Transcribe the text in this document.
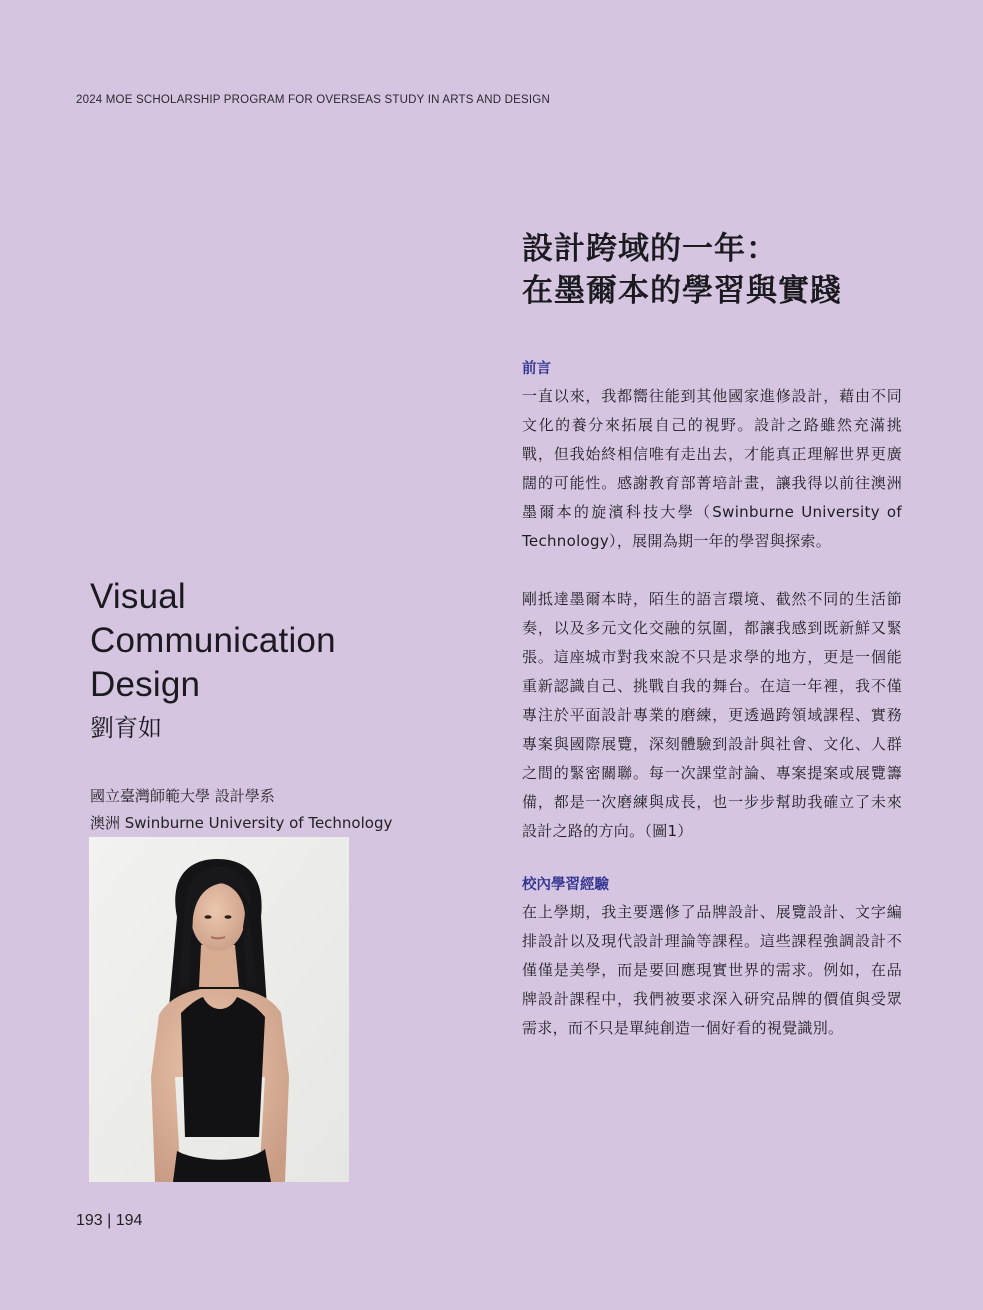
2024 MOE SCHOLARSHIP PROGRAM FOR OVERSEAS STUDY IN ARTS AND DESIGN
Visual
Communication
Design
劉育如
國立臺灣師範大學 設計學系
澳洲 Swinburne University of Technology
193 | 194
設計跨域的一年：
在墨爾本的學習與實踐
前言
一直以來，我都嚮往能到其他國家進修設計，藉由不同文化的養分來拓展自己的視野。設計之路雖然充滿挑戰，但我始終相信唯有走出去，才能真正理解世界更廣闊的可能性。感謝教育部菁培計畫，讓我得以前往澳洲墨爾本的旋濱科技大學（Swinburne University of Technology），展開為期一年的學習與探索。
剛抵達墨爾本時，陌生的語言環境、截然不同的生活節奏，以及多元文化交融的氛圍，都讓我感到既新鮮又緊張。這座城市對我來說不只是求學的地方，更是一個能重新認識自己、挑戰自我的舞台。在這一年裡，我不僅專注於平面設計專業的磨練，更透過跨領域課程、實務專案與國際展覽，深刻體驗到設計與社會、文化、人群之間的緊密關聯。每一次課堂討論、專案提案或展覽籌備，都是一次磨練與成長，也一步步幫助我確立了未來設計之路的方向。（圖1）
校內學習經驗
在上學期，我主要選修了品牌設計、展覽設計、文字編排設計以及現代設計理論等課程。這些課程強調設計不僅僅是美學，而是要回應現實世界的需求。例如，在品牌設計課程中，我們被要求深入研究品牌的價值與受眾需求，而不只是單純創造一個好看的視覺識別。
